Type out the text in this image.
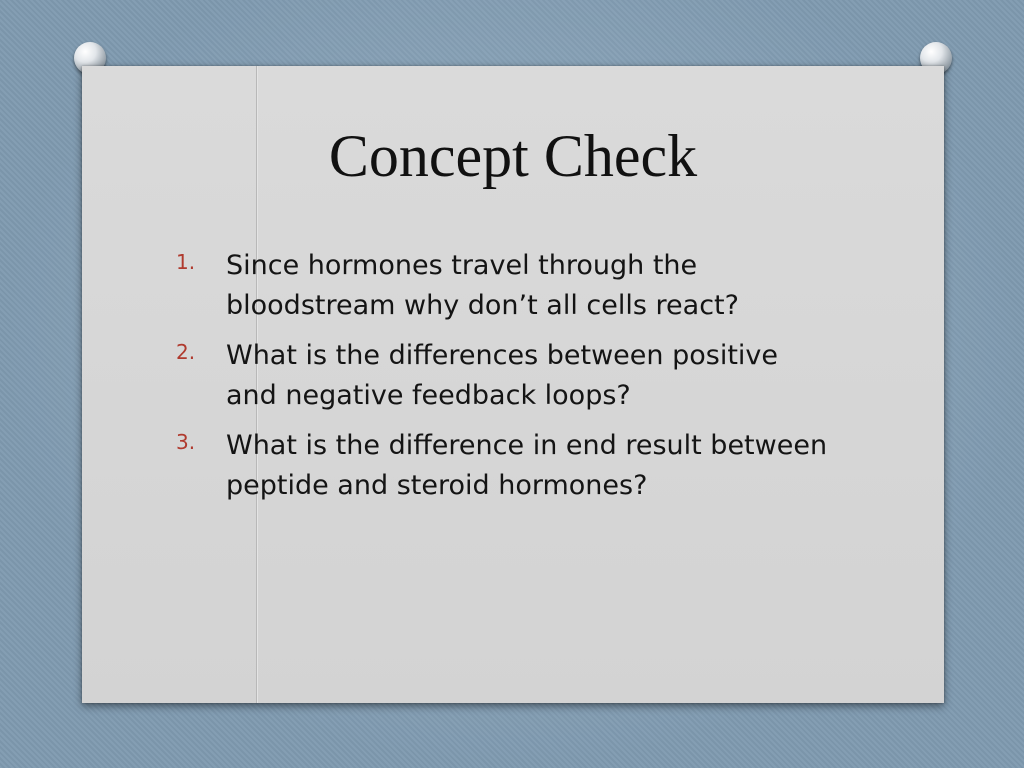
Concept Check
1. Since hormones travel through the bloodstream why don’t all cells react?
2. What is the differences between positive and negative feedback loops?
3. What is the difference in end result between peptide and steroid hormones?
